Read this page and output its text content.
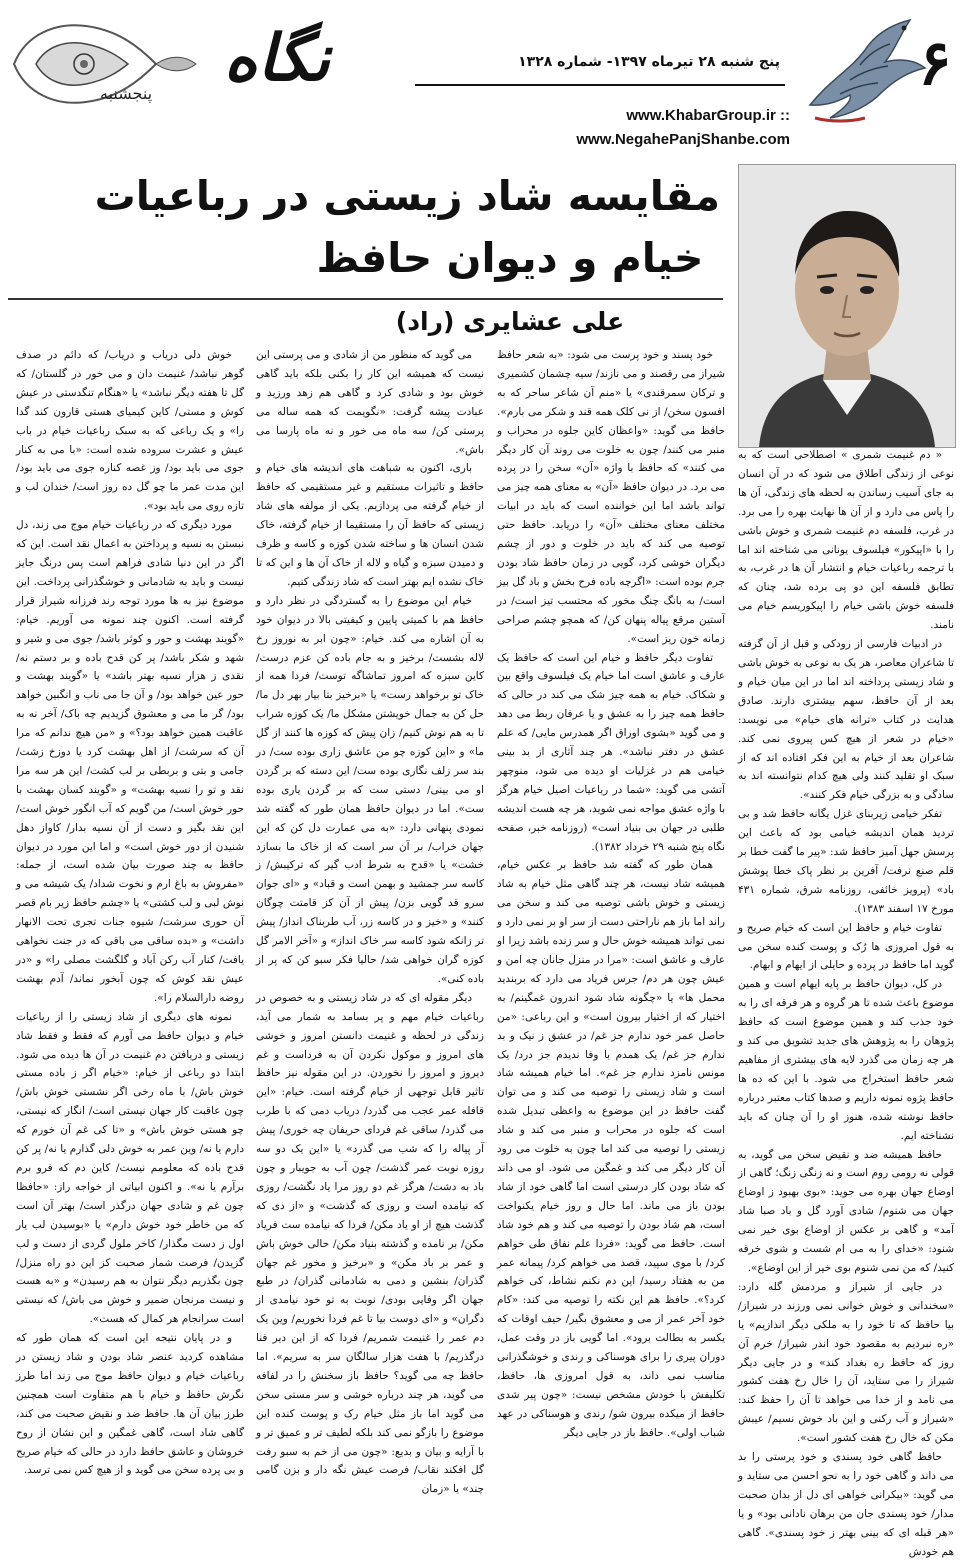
۶
نگاه
پنجشنبه
پنج شنبه ۲۸ تیرماه ۱۳۹۷- شماره ۱۳۲۸
www.KhabarGroup.ir :: www.NegahePanjShanbe.com
مقایسه شاد زیستی در رباعیات
خیام و دیوان حافظ
علی عشایری (راد)

« دم غنیمت شمری » اصطلاحی است که به نوعی از زندگی اطلاق می شود که در آن انسان به جای آسیب رساندن به لحظه های زندگی، آن ها را پاس می دارد و از آن ها نهایت بهره را می برد. در غرب، فلسفه دم غنیمت شمری و خوش باشی را با «اپیکور» فیلسوف یونانی می شناخته اند اما با ترجمه رباعیات خیام و انتشار آن ها در غرب، به تطابق فلسفه این دو پی برده شد، چنان که فلسفه خوش باشی خیام را اپیکوریسم خیام می نامند.

در ادبیات فارسی از رودکی و قبل از آن گرفته تا شاعران معاصر، هر یک به نوعی به خوش باشی و شاد زیستی پرداخته اند اما در این میان خیام و بعد از آن حافظ، سهم بیشتری دارند. صادق هدایت در کتاب «ترانه های خیام» می نویسد: «خیام در شعر از هیچ کس پیروی نمی کند. شاعران بعد از خیام به این فکر افتاده اند که از سبک او تقلید کنند ولی هیچ کدام نتوانسته اند به سادگی و به بزرگی خیام فکر کنند».

تفکر خیامی زیربنای غزل یگانه حافظ شد و بی تردید همان اندیشه خیامی بود که باعث این پرسش جهل آمیز حافظ شد: «پیر ما گفت خطا بر قلم صنع نرفت/ آفرین بر نظر پاک خطا پوشش باد» (پرویز خائفی، روزنامه شرق، شماره ۴۳۱ مورخ ۱۷ اسفند ۱۳۸۳).

تفاوت خیام و حافظ این است که خیام صریح و به قول امروزی ها رُک و پوست کنده سخن می گوید اما حافظ در پرده و حایلی از ایهام و ابهام.

در کل، دیوان حافظ بر پایه ایهام است و همین موضوع باعث شده تا هر گروه و هر فرقه ای را به خود جذب کند و همین موضوع است که حافظ پژوهان را به پژوهش های جدید تشویق می کند و هر چه زمان می گذرد لایه های بیشتری از مفاهیم شعر حافظ استخراج می شود. با این که ده ها حافظ پژوه نمونه داریم و صدها کتاب معتبر درباره حافظ نوشته شده، هنوز او را آن چنان که باید نشناخته ایم.

حافظ همیشه ضد و نقیض سخن می گوید، به قولی نه رومی روم است و نه زنگی زنگ؛ گاهی از اوضاع جهان بهره می جوید: «بوی بهبود ز اوضاع جهان می شنوم/ شادی آورد گل و باد صبا شاد آمد» و گاهی بر عکس از اوضاع بوی خیر نمی شنود: «خدای را به می ام شست و شوی خرقه کنید/ که من نمی شنوم بوی خیر از این اوضاع».

در جایی از شیراز و مردمش گله دارد: «سخندانی و خوش خوانی نمی ورزند در شیراز/ بیا حافظ که تا خود را به ملکی دیگر اندازیم» یا «ره نبردیم به مقصود خود اندر شیراز/ خرم آن روز که حافظ ره بغداد کند» و در جایی دیگر شیراز را می ستاید، آن را خال رخ هفت کشور می نامد و از خدا می خواهد تا آن را حفظ کند: «شیراز و آب رکنی و این باد خوش نسیم/ عیبش مکن که خال رخ هفت کشور است».

حافظ گاهی خود پسندی و خود پرستی را بد می داند و گاهی خود را به نحو احسن می ستاید و می گوید: «بیکرانی خواهی ای دل از بدان صحبت مدار/ خود پسندی جان من برهان نادانی بود» و یا «هر قبله ای که بینی بهتر ز خود پسندی». گاهی هم خودش

خود پسند و خود پرست می شود: «به شعر حافظ شیراز می رقصند و می نازند/ سیه چشمان کشمیری و ترکان سمرقندی» یا «منم آن شاعر ساحر که به افسون سخن/ از نی کلک همه قند و شکر می بارم». حافظ می گوید: «واعظان کاین جلوه در محراب و منبر می کنند/ چون به خلوت می روند آن کار دیگر می کنند» که حافظ با واژه «آن» سخن را در پرده می برد. در دیوان حافظ «آن» به معنای همه چیز می تواند باشد اما این خواننده است که باید در ابیات مختلف معنای مختلف «آن» را دریابد. حافظ حتی توصیه می کند که باید در خلوت و دور از چشم دیگران خوشی کرد، گویی در زمان حافظ شاد بودن جرم بوده است: «اگرچه باده فرح بخش و باد گل بیز است/ به بانگ چنگ مخور که محتسب تیز است/ در آستین مرقع پیاله پنهان کن/ که همچو چشم صراحی زمانه خون ریز است».

تفاوت دیگر حافظ و خیام این است که حافظ یک عارف و عاشق است اما خیام یک فیلسوف واقع بین و شکاک. خیام به همه چیز شک می کند در حالی که حافظ همه چیز را به عشق و یا عرفان ربط می دهد و می گوید «بشوی اوراق اگر همدرس مایی/ که علم عشق در دفتر نباشد». هر چند آثاری از بد بینی خیامی هم در غزلیات او دیده می شود، منوچهر آتشی می گوید: «شما در رباعیات اصیل خیام هرگز با واژه عشق مواجه نمی شوید، هر چه هست اندیشه طلبی در جهان بی بنیاد است» (روزنامه خبر، صفحه نگاه پنج شنبه ۲۹ خرداد ۱۳۸۲).

همان طور که گفته شد حافظ بر عکس خیام، همیشه شاد نیست، هر چند گاهی مثل خیام به شاد زیستی و خوش باشی توصیه می کند و سخن می راند اما باز هم ناراحتی دست از سر او بر نمی دارد و نمی تواند همیشه خوش حال و سر زنده باشد زیرا او عارف و عاشق است: «مرا در منزل جانان چه امن و عیش چون هر دم/ جرس فریاد می دارد که بربندید محمل ها» یا «چگونه شاد شود اندرون غمگینم/ به اختیار که از اختیار بیرون است» و این رباعی: «من حاصل عمر خود ندارم جز غم/ در عشق ز نیک و بد ندارم جز غم/ یک همدم با وفا ندیدم جز درد/ یک مونس نامزد ندارم جز غم». اما خیام همیشه شاد است و شاد زیستی را توصیه می کند و می توان گفت حافظ در این موضوع به واعظی تبدیل شده است که جلوه در محراب و منبر می کند و شاد زیستی را توصیه می کند اما چون به خلوت می رود آن کار دیگر می کند و غمگین می شود. او می داند که شاد بودن کار درستی است اما گاهی خود از شاد بودن باز می ماند. اما حال و روز خیام یکنواخت است، هم شاد بودن را توصیه می کند و هم خود شاد است. حافظ می گوید: «فردا علم نفاق طی خواهم کرد/ با موی سپید، قصد می خواهم کرد/ پیمانه عمر من به هفتاد رسید/ این دم نکنم نشاط، کی خواهم کرد؟». حافظ هم این نکته را توصیه می کند: «کام خود آخر عمر از می و معشوق بگیر/ حیف اوقات که یکسر به بطالت برود». اما گویی باز در وقت عمل، دوران پیری را برای هوسناکی و رندی و خوشگذرانی مناسب نمی داند، به قول امروزی ها، حافظ، تکلیفش با خودش مشخص نیست: «چون پیر شدی حافظ از میکده بیرون شو/ رندی و هوسناکی در عهد شباب اولی». حافظ باز در جایی دیگر

می گوید که منظور من از شادی و می پرستی این نیست که همیشه این کار را بکنی بلکه باید گاهی خوش بود و شادی کرد و گاهی هم زهد ورزید و عبادت پیشه گرفت: «نگویمت که همه ساله می پرستی کن/ سه ماه می خور و نه ماه پارسا می باش».

باری، اکنون به شباهت های اندیشه های خیام و حافظ و تاثیرات مستقیم و غیر مستقیمی که حافظ از خیام گرفته می پردازیم. یکی از مولفه های شاد زیستی که حافظ آن را مستقیما از خیام گرفته، خاک شدن انسان ها و ساخته شدن کوزه و کاسه و ظرف و دمیدن سبزه و گیاه و لاله از خاک آن ها و این که تا خاک نشده ایم بهتر است که شاد زندگی کنیم.

خیام این موضوع را به گستردگی در نظر دارد و حافظ هم با کمیتی پایین و کیفیتی بالا در دیوان خود به آن اشاره می کند. خیام: «چون ابر به نوروز رخ لاله بشست/ برخیز و به جام باده کن عزم درست/ کاین سبزه که امروز تماشاگه توست/ فردا همه از خاک تو برخواهد رست» یا «برخیز بتا بیار بهر دل ما/ حل کن به جمال خویشتن مشکل ما/ یک کوزه شراب تا به هم نوش کنیم/ زان پیش که کوزه ها کنند از گل ما» و «این کوزه چو من عاشق زاری بوده ست/ در بند سر زلف نگاری بوده ست/ این دسته که بر گردن او می بینی/ دستی ست که بر گردن یاری بوده ست». اما در دیوان حافظ همان طور که گفته شد نمودی پنهانی دارد: «به می عمارت دل کن که این جهان خراب/ بر آن سر است که از خاک ما بسازد خشت» یا «قدح به شرط ادب گیر که ترکیبش/ ز کاسه سر جمشید و بهمن است و قباد» و «ای جوان سرو قد گویی بزن/ پیش از آن کز قامتت چوگان کنند» و «خیز و در کاسه زر، آب طربناک انداز/ پیش تر زانکه شود کاسه سر خاک انداز» و «آخر الامر گل کوزه گران خواهی شد/ حالیا فکر سبو کن که پر از باده کنی».

دیگر مقوله ای که در شاد زیستی و به خصوص در رباعیات خیام مهم و پر بسامد به شمار می آید، زندگی در لحظه و غنیمت دانستن امروز و خوشی های امروز و موکول نکردن آن به فرداست و غم دیروز و امروز را نخوردن. در این مقوله نیز حافظ تاثیر قابل توجهی از خیام گرفته است. خیام: «این قافله عمر عجب می گذرد/ دریاب دمی که با طرب می گذرد/ ساقی غم فردای حریفان چه خوری/ پیش آر پیاله را که شب می گذرد» یا «این یک دو سه روزه نوبت عمر گذشت/ چون آب به جویبار و چون باد به دشت/ هرگز غم دو روز مرا یاد نگشت/ روزی که نیامده است و روزی که گذشت» و «از دی که گذشت هیچ از او یاد مکن/ فردا که نیامده ست فریاد مکن/ بر نامده و گذشته بنیاد مکن/ حالی خوش باش و عمر بر باد مکن» و «برخیز و مخور غم جهان گذران/ بنشین و دمی به شادمانی گذران/ در طبع جهان اگر وفایی بودی/ نوبت به تو خود نیامدی از دگران» و «ای دوست بیا تا غم فردا نخوریم/ وین یک دم عمر را غنیمت شمریم/ فردا که از این دیر فنا درگذریم/ با هفت هزار سالگان سر به سریم». اما حافظ چه می گوید؟ حافظ باز سخنش را در لفافه می گوید، هر چند درباره خوشی و سر مستی سخن می گوید اما باز مثل خیام رک و پوست کنده این موضوع را بازگو نمی کند بلکه لطیف تر و عمیق تر و با آرایه و بیان و بدیع: «چون می از خم به سبو رفت گل افکند نقاب/ فرصت عیش نگه دار و بزن گامی چند» یا «زمان

خوش دلی دریاب و دریاب/ که دائم در صدف گوهر نباشد/ غنیمت دان و می خور در گلستان/ که گل تا هفته دیگر نباشد» یا «هنگام تنگدستی در عیش کوش و مستی/ کاین کیمیای هستی قارون کند گدا را» و یک رباعی که به سبک رباعیات خیام در باب عیش و عشرت سروده شده است: «با می به کنار جوی می باید بود/ وز غصه کناره جوی می باید بود/ این مدت عمر ما چو گل ده روز است/ خندان لب و تازه روی می باید بود».

مورد دیگری که در رباعیات خیام موج می زند، دل نبستن به نسیه و پرداختن به اعمال نقد است. این که اگر در این دنیا شادی فراهم است پس درنگ جایز نیست و باید به شادمانی و خوشگذرانی پرداخت. این موضوع نیز به ها مورد توجه رند فرزانه شیراز قرار گرفته است. اکنون چند نمونه می آوریم. خیام: «گویند بهشت و حور و کوثر باشد/ جوی می و شیر و شهد و شکر باشد/ پر کن قدح باده و بر دستم نه/ نقدی ز هزار نسیه بهتر باشد» یا «گویند بهشت و حور عین خواهد بود/ و آن جا می ناب و انگبین خواهد بود/ گر ما می و معشوق گزیدیم چه باک/ آخر نه به عاقبت همین خواهد بود؟» و «من هیچ ندانم که مرا آن که سرشت/ از اهل بهشت کرد یا دوزخ زشت/ جامی و بتی و بربطی بر لب کشت/ این هر سه مرا نقد و تو را نسیه بهشت» و «گویند کسان بهشت با حور خوش است/ من گویم که آب انگور خوش است/ این نقد بگیر و دست از آن نسیه بدار/ کاواز دهل شنیدن از دور خوش است» و اما این مورد در دیوان حافظ به چند صورت بیان شده است، از جمله: «مفروش به باغ ارم و نخوت شداد/ یک شیشه می و نوش لبی و لب کشتی» یا «چشم حافظ زیر بام قصر آن حوری سرشت/ شیوه جنات تجری تحت الانهار داشت» و «بده ساقی می باقی که در جنت نخواهی یافت/ کنار آب رکن آباد و گلگشت مصلی را» و «در عیش نقد کوش که چون آبخور نماند/ آدم بهشت روضه دارالسلام را».

نمونه های دیگری از شاد زیستی را از رباعیات خیام و دیوان حافظ می آورم که فقط و فقط شاد زیستی و دریافتن دم غنیمت در آن ها دیده می شود. ابتدا دو رباعی از خیام: «خیام اگر ز باده مستی خوش باش/ با ماه رخی اگر نشستی خوش باش/ چون عاقبت کار جهان نیستی است/ انگار که نیستی، چو هستی خوش باش» و «تا کی غم آن خورم که دارم یا نه/ وین عمر به خوش دلی گذارم یا نه/ پر کن قدح باده که معلومم نیست/ کاین دم که فرو برم برآرم یا نه». و اکنون ابیاتی از خواجه راز: «حافظا چون غم و شادی جهان درگذر است/ بهتر آن است که من خاطر خود خوش دارم» یا «بوسیدن لب یار اول ز دست مگذار/ کاخر ملول گردی از دست و لب گزیدن/ فرصت شمار صحبت کز این دو راه منزل/ چون بگذریم دیگر نتوان به هم رسیدن» و «به هست و نیست مرنجان ضمیر و خوش می باش/ که نیستی است سرانجام هر کمال که هست».

و در پایان نتیجه این است که همان طور که مشاهده کردید عنصر شاد بودن و شاد زیستن در رباعیات خیام و دیوان حافظ موج می زند اما طرز نگرش حافظ و خیام با هم متفاوت است همچنین طرز بیان آن ها. حافظ ضد و نقیض صحبت می کند، گاهی شاد است، گاهی غمگین و این نشان از روح خروشان و عاشق حافظ دارد در حالی که خیام صریح و بی پرده سخن می گوید و از هیچ کس نمی ترسد.
